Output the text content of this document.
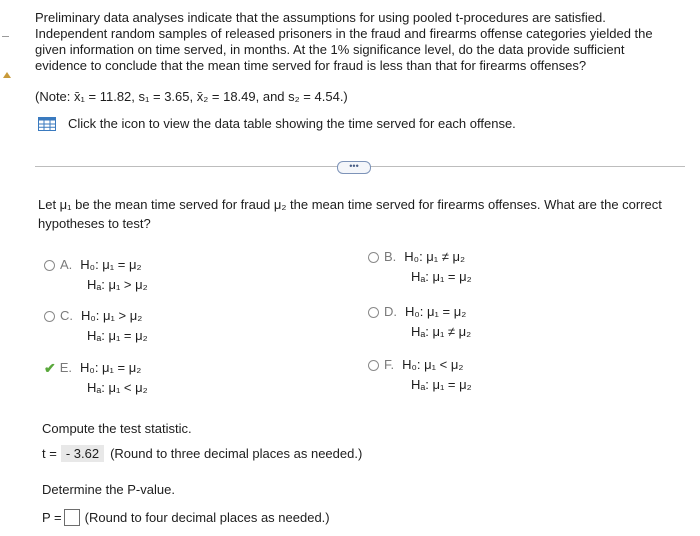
Preliminary data analyses indicate that the assumptions for using pooled t-procedures are satisfied.

Independent random samples of released prisoners in the fraud and firearms offense categories yielded the

given information on time served, in months. At the 1% significance level, do the data provide sufficient

evidence to conclude that the mean time served for fraud is less than that for firearms offenses?

(Note: x̄₁ = 11.82, s₁ = 3.65, x̄₂ = 18.49, and s₂ = 4.54.)
Click the icon to view the data table showing the time served for each offense.
•••
Let μ₁ be the mean time served for fraud μ₂ the mean time served for firearms offenses. What are the correct
hypotheses to test?
A. H₀: μ₁ = μ₂
Hₐ: μ₁ > μ₂
B. H₀: μ₁ ≠ μ₂
Hₐ: μ₁ = μ₂
C. H₀: μ₁ > μ₂
Hₐ: μ₁ = μ₂
D. H₀: μ₁ = μ₂
Hₐ: μ₁ ≠ μ₂
✔ E. H₀: μ₁ = μ₂
Hₐ: μ₁ < μ₂
F. H₀: μ₁ < μ₂
Hₐ: μ₁ = μ₂
Compute the test statistic.
t = - 3.62 (Round to three decimal places as needed.)
Determine the P-value.
P = (Round to four decimal places as needed.)
